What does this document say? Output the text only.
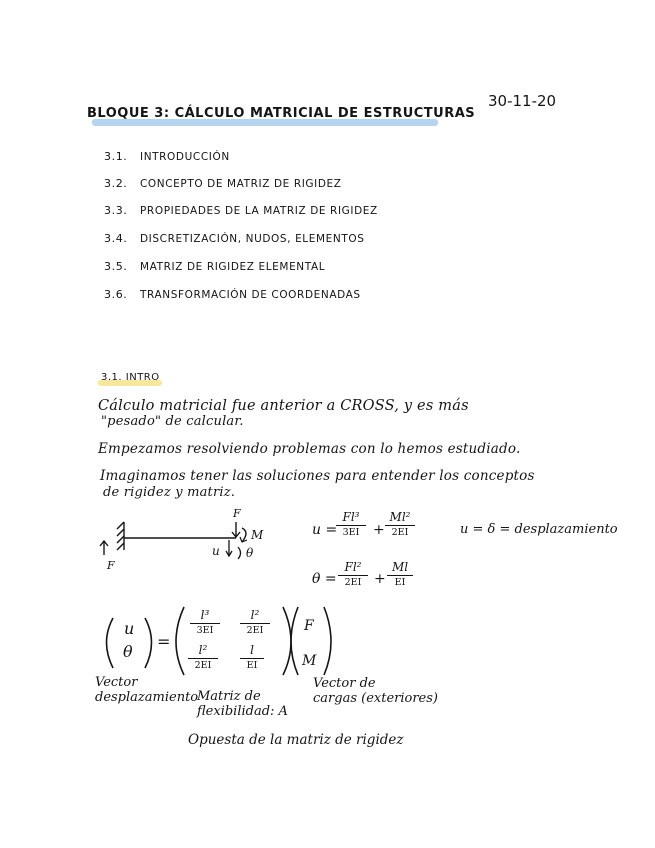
30-11-20
BLOQUE 3: CÁLCULO MATRICIAL DE ESTRUCTURAS
3.1. INTRODUCCIÓN
3.2. CONCEPTO DE MATRIZ DE RIGIDEZ
3.3. PROPIEDADES DE LA MATRIZ DE RIGIDEZ
3.4. DISCRETIZACIÓN, NUDOS, ELEMENTOS
3.5. MATRIZ DE RIGIDEZ ELEMENTAL
3.6. TRANSFORMACIÓN DE COORDENADAS
3.1. INTRO
Cálculo matricial fue anterior a CROSS, y es más
"pesado" de calcular.
Empezamos resolviendo problemas con lo hemos estudiado.
Imaginamos tener las soluciones para entender los conceptos
de rigidez y matriz.
F
M
F
u θ
u =
Fl³
3EI +
Ml²
2EI	u = δ = desplazamiento
θ =
Fl²
2EI +
Ml
EI
u
θ
=
l³
3EI
l²
2EI
l²
2EI
l
EI
F
M
Vector
desplazamiento
Matriz de
flexibilidad: A
Vector de
cargas (exteriores)
Opuesta de la matriz de rigidez
